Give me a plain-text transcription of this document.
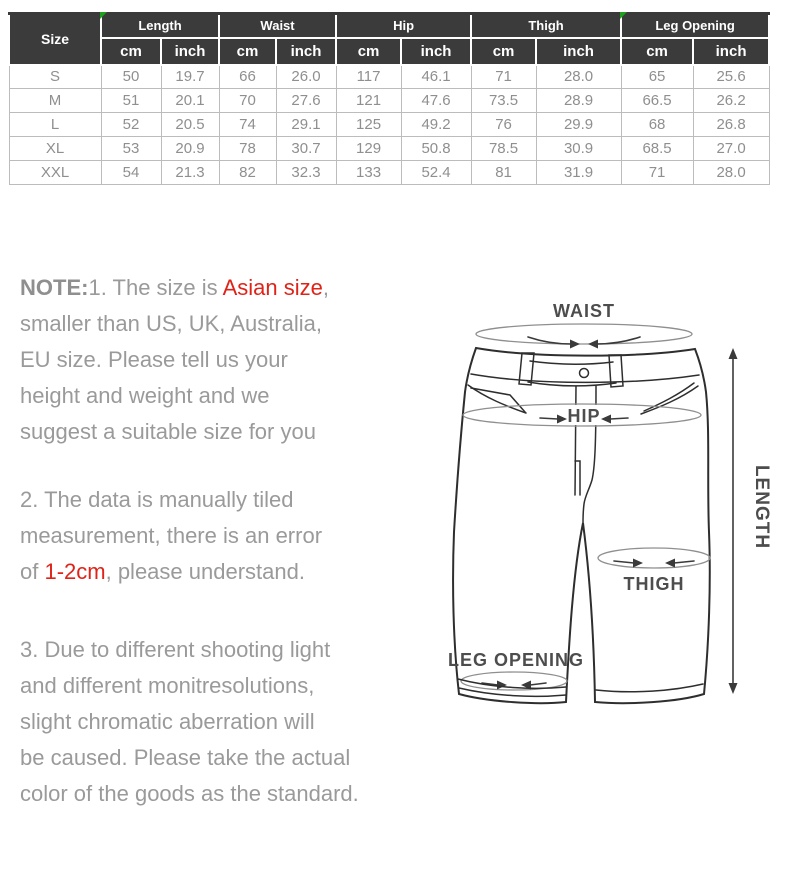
Size	Length		Waist		Hip		Thigh		Leg Opening	
	cm	inch	cm	inch	cm	inch	cm	inch	cm	inch
S	50	19.7	66	26.0	117	46.1	71	28.0	65	25.6
M	51	20.1	70	27.6	121	47.6	73.5	28.9	66.5	26.2
L	52	20.5	74	29.1	125	49.2	76	29.9	68	26.8
XL	53	20.9	78	30.7	129	50.8	78.5	30.9	68.5	27.0
XXL	54	21.3	82	32.3	133	52.4	81	31.9	71	28.0

NOTE:1. The size is Asian size,
smaller than US, UK, Australia,
EU size. Please tell us your
height and weight and we
suggest a suitable size for you

2. The data is manually tiled
measurement, there is an error
of 1-2cm, please understand.

3. Due to different shooting light
and different monitresolutions,
slight chromatic aberration will
be caused. Please take the actual
color of the goods as the standard.

HIP
THIGH
LEG OPENING
LENGTH
WAIST
